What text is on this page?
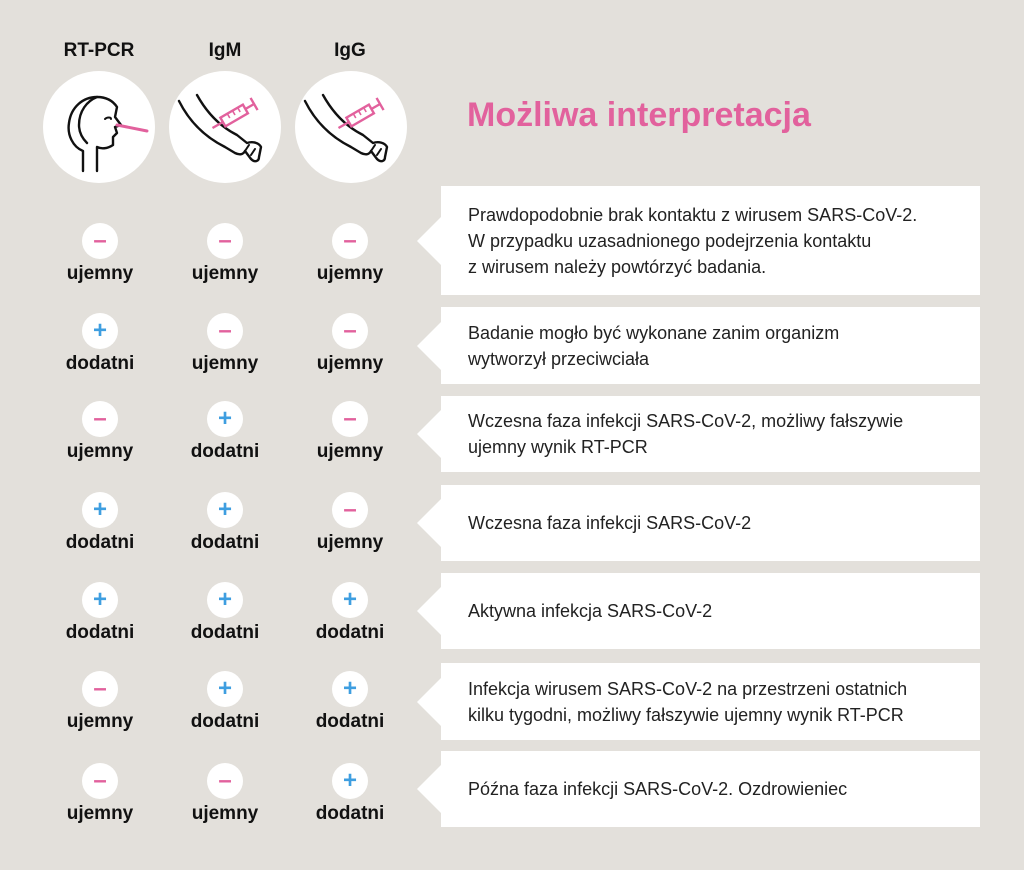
RT-PCR	IgM	IgG
Możliwa interpretacja
–
ujemny
–
ujemny
–
ujemny
Prawdopodobnie brak kontaktu z wirusem SARS-CoV-2.
W przypadku uzasadnionego podejrzenia kontaktu
z wirusem należy powtórzyć badania.
+
dodatni
–
ujemny
–
ujemny
Badanie mogło być wykonane zanim organizm
wytworzył przeciwciała
–
ujemny
+
dodatni
–
ujemny
Wczesna faza infekcji SARS-CoV-2, możliwy fałszywie
ujemny wynik RT-PCR
+
dodatni
+
dodatni
–
ujemny
Wczesna faza infekcji SARS-CoV-2
+
dodatni
+
dodatni
+
dodatni
Aktywna infekcja SARS-CoV-2
–
ujemny
+
dodatni
+
dodatni
Infekcja wirusem SARS-CoV-2 na przestrzeni ostatnich
kilku tygodni, możliwy fałszywie ujemny wynik RT-PCR
–
ujemny
–
ujemny
+
dodatni
Późna faza infekcji SARS-CoV-2. Ozdrowieniec
